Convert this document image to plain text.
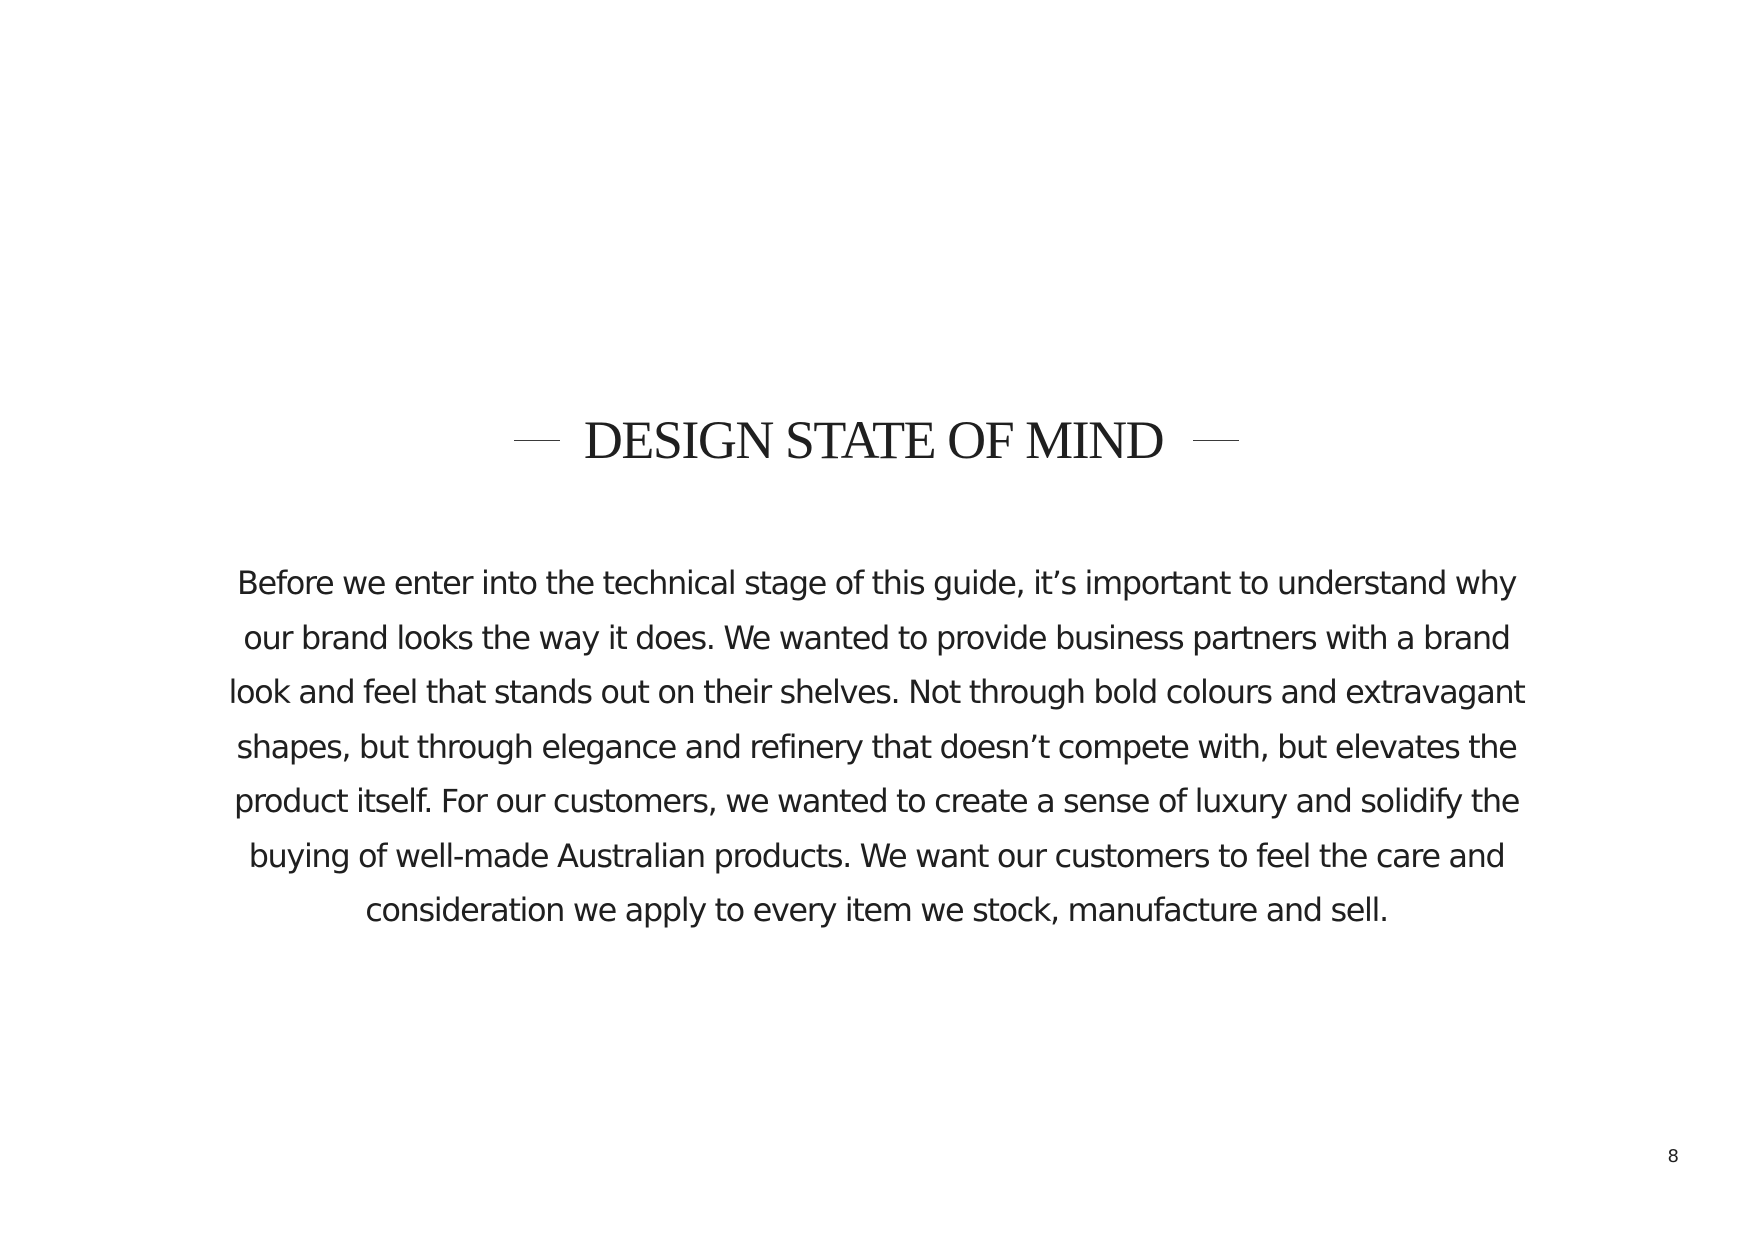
DESIGN STATE OF MIND
Before we enter into the technical stage of this guide, it’s important to understand why
our brand looks the way it does. We wanted to provide business partners with a brand
look and feel that stands out on their shelves. Not through bold colours and extravagant
shapes, but through elegance and refinery that doesn’t compete with, but elevates the
product itself. For our customers, we wanted to create a sense of luxury and solidify the
buying of well-made Australian products. We want our customers to feel the care and
consideration we apply to every item we stock, manufacture and sell.
8
